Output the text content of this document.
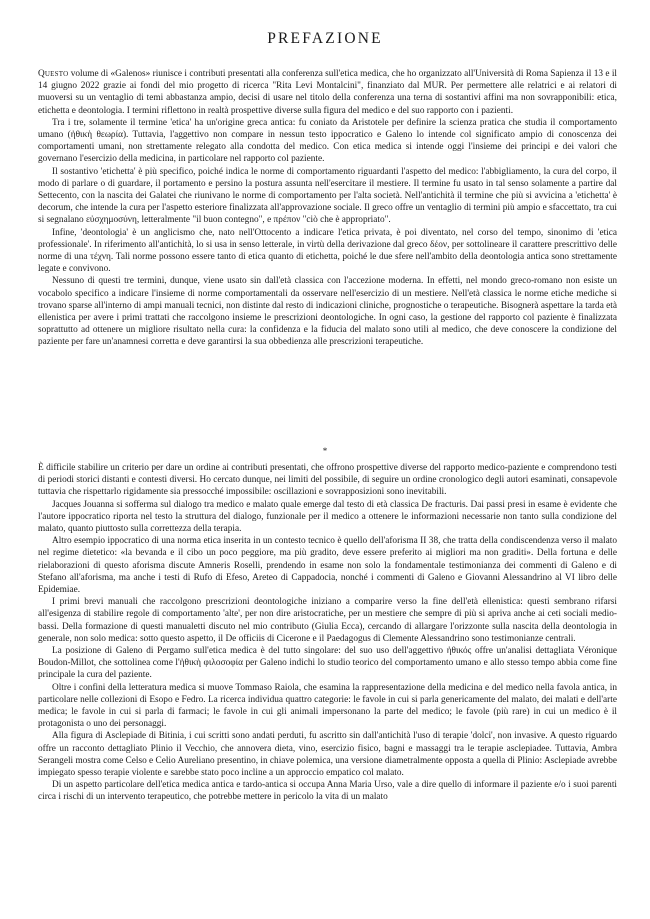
PREFAZIONE

Questo volume di «Galenos» riunisce i contributi presentati alla conferenza sull'etica medica, che ho organizzato all'Università di Roma Sapienza il 13 e il 14 giugno 2022 grazie ai fondi del mio progetto di ricerca "Rita Levi Montalcini", finanziato dal MUR. Per permettere alle relatrici e ai relatori di muoversi su un ventaglio di temi abbastanza ampio, decisi di usare nel titolo della conferenza una terna di sostantivi affini ma non sovrapponibili: etica, etichetta e deontologia. I termini riflettono in realtà prospettive diverse sulla figura del medico e del suo rapporto con i pazienti.

Tra i tre, solamente il termine 'etica' ha un'origine greca antica: fu coniato da Aristotele per definire la scienza pratica che studia il comportamento umano (ἠθικὴ θεωρία). Tuttavia, l'aggettivo non compare in nessun testo ippocratico e Galeno lo intende col significato ampio di conoscenza dei comportamenti umani, non strettamente relegato alla condotta del medico. Con etica medica si intende oggi l'insieme dei principi e dei valori che governano l'esercizio della medicina, in particolare nel rapporto col paziente.

Il sostantivo 'etichetta' è più specifico, poiché indica le norme di comportamento riguardanti l'aspetto del medico: l'abbigliamento, la cura del corpo, il modo di parlare o di guardare, il portamento e persino la postura assunta nell'esercitare il mestiere. Il termine fu usato in tal senso solamente a partire dal Settecento, con la nascita dei Galatei che riunivano le norme di comportamento per l'alta società. Nell'antichità il termine che più si avvicina a 'etichetta' è decorum, che intende la cura per l'aspetto esteriore finalizzata all'approvazione sociale. Il greco offre un ventaglio di termini più ampio e sfaccettato, tra cui si segnalano εὐσχημοσύνη, letteralmente "il buon contegno", e πρέπον "ciò che è appropriato".

Infine, 'deontologia' è un anglicismo che, nato nell'Ottocento a indicare l'etica privata, è poi diventato, nel corso del tempo, sinonimo di 'etica professionale'. In riferimento all'antichità, lo si usa in senso letterale, in virtù della derivazione dal greco δέον, per sottolineare il carattere prescrittivo delle norme di una τέχνη. Tali norme possono essere tanto di etica quanto di etichetta, poiché le due sfere nell'ambito della deontologia antica sono strettamente legate e convivono.

Nessuno di questi tre termini, dunque, viene usato sin dall'età classica con l'accezione moderna. In effetti, nel mondo greco-romano non esiste un vocabolo specifico a indicare l'insieme di norme comportamentali da osservare nell'esercizio di un mestiere. Nell'età classica le norme etiche mediche si trovano sparse all'interno di ampi manuali tecnici, non distinte dal resto di indicazioni cliniche, prognostiche o terapeutiche. Bisognerà aspettare la tarda età ellenistica per avere i primi trattati che raccolgono insieme le prescrizioni deontologiche. In ogni caso, la gestione del rapporto col paziente è finalizzata soprattutto ad ottenere un migliore risultato nella cura: la confidenza e la fiducia del malato sono utili al medico, che deve conoscere la condizione del paziente per fare un'anamnesi corretta e deve garantirsi la sua obbedienza alle prescrizioni terapeutiche.

*

È difficile stabilire un criterio per dare un ordine ai contributi presentati, che offrono prospettive diverse del rapporto medico-paziente e comprendono testi di periodi storici distanti e contesti diversi. Ho cercato dunque, nei limiti del possibile, di seguire un ordine cronologico degli autori esaminati, consapevole tuttavia che rispettarlo rigidamente sia pressocché impossibile: oscillazioni e sovrapposizioni sono inevitabili.

Jacques Jouanna si sofferma sul dialogo tra medico e malato quale emerge dal testo di età classica De fracturis. Dai passi presi in esame è evidente che l'autore ippocratico riporta nel testo la struttura del dialogo, funzionale per il medico a ottenere le informazioni necessarie non tanto sulla condizione del malato, quanto piuttosto sulla correttezza della terapia.

Altro esempio ippocratico di una norma etica inserita in un contesto tecnico è quello dell'aforisma II 38, che tratta della condiscendenza verso il malato nel regime dietetico: «la bevanda e il cibo un poco peggiore, ma più gradito, deve essere preferito ai migliori ma non graditi». Della fortuna e delle rielaborazioni di questo aforisma discute Amneris Roselli, prendendo in esame non solo la fondamentale testimonianza dei commenti di Galeno e di Stefano all'aforisma, ma anche i testi di Rufo di Efeso, Areteo di Cappadocia, nonché i commenti di Galeno e Giovanni Alessandrino al VI libro delle Epidemiae.

I primi brevi manuali che raccolgono prescrizioni deontologiche iniziano a comparire verso la fine dell'età ellenistica: questi sembrano rifarsi all'esigenza di stabilire regole di comportamento 'alte', per non dire aristocratiche, per un mestiere che sempre di più si apriva anche ai ceti sociali medio-bassi. Della formazione di questi manualetti discuto nel mio contributo (Giulia Ecca), cercando di allargare l'orizzonte sulla nascita della deontologia in generale, non solo medica: sotto questo aspetto, il De officiis di Cicerone e il Paedagogus di Clemente Alessandrino sono testimonianze centrali.

La posizione di Galeno di Pergamo sull'etica medica è del tutto singolare: del suo uso dell'aggettivo ἠθικός offre un'analisi dettagliata Véronique Boudon-Millot, che sottolinea come l'ἠθικὴ φιλοσοφία per Galeno indichi lo studio teorico del comportamento umano e allo stesso tempo abbia come fine principale la cura del paziente.

Oltre i confini della letteratura medica si muove Tommaso Raiola, che esamina la rappresentazione della medicina e del medico nella favola antica, in particolare nelle collezioni di Esopo e Fedro. La ricerca individua quattro categorie: le favole in cui si parla genericamente del malato, dei malati e dell'arte medica; le favole in cui si parla di farmaci; le favole in cui gli animali impersonano la parte del medico; le favole (più rare) in cui un medico è il protagonista o uno dei personaggi.

Alla figura di Asclepiade di Bitinia, i cui scritti sono andati perduti, fu ascritto sin dall'antichità l'uso di terapie 'dolci', non invasive. A questo riguardo offre un racconto dettagliato Plinio il Vecchio, che annovera dieta, vino, esercizio fisico, bagni e massaggi tra le terapie asclepiadee. Tuttavia, Ambra Serangeli mostra come Celso e Celio Aureliano presentino, in chiave polemica, una versione diametralmente opposta a quella di Plinio: Asclepiade avrebbe impiegato spesso terapie violente e sarebbe stato poco incline a un approccio empatico col malato.

Di un aspetto particolare dell'etica medica antica e tardo-antica si occupa Anna Maria Urso, vale a dire quello di informare il paziente e/o i suoi parenti circa i rischi di un intervento terapeutico, che potrebbe mettere in pericolo la vita di un malato
